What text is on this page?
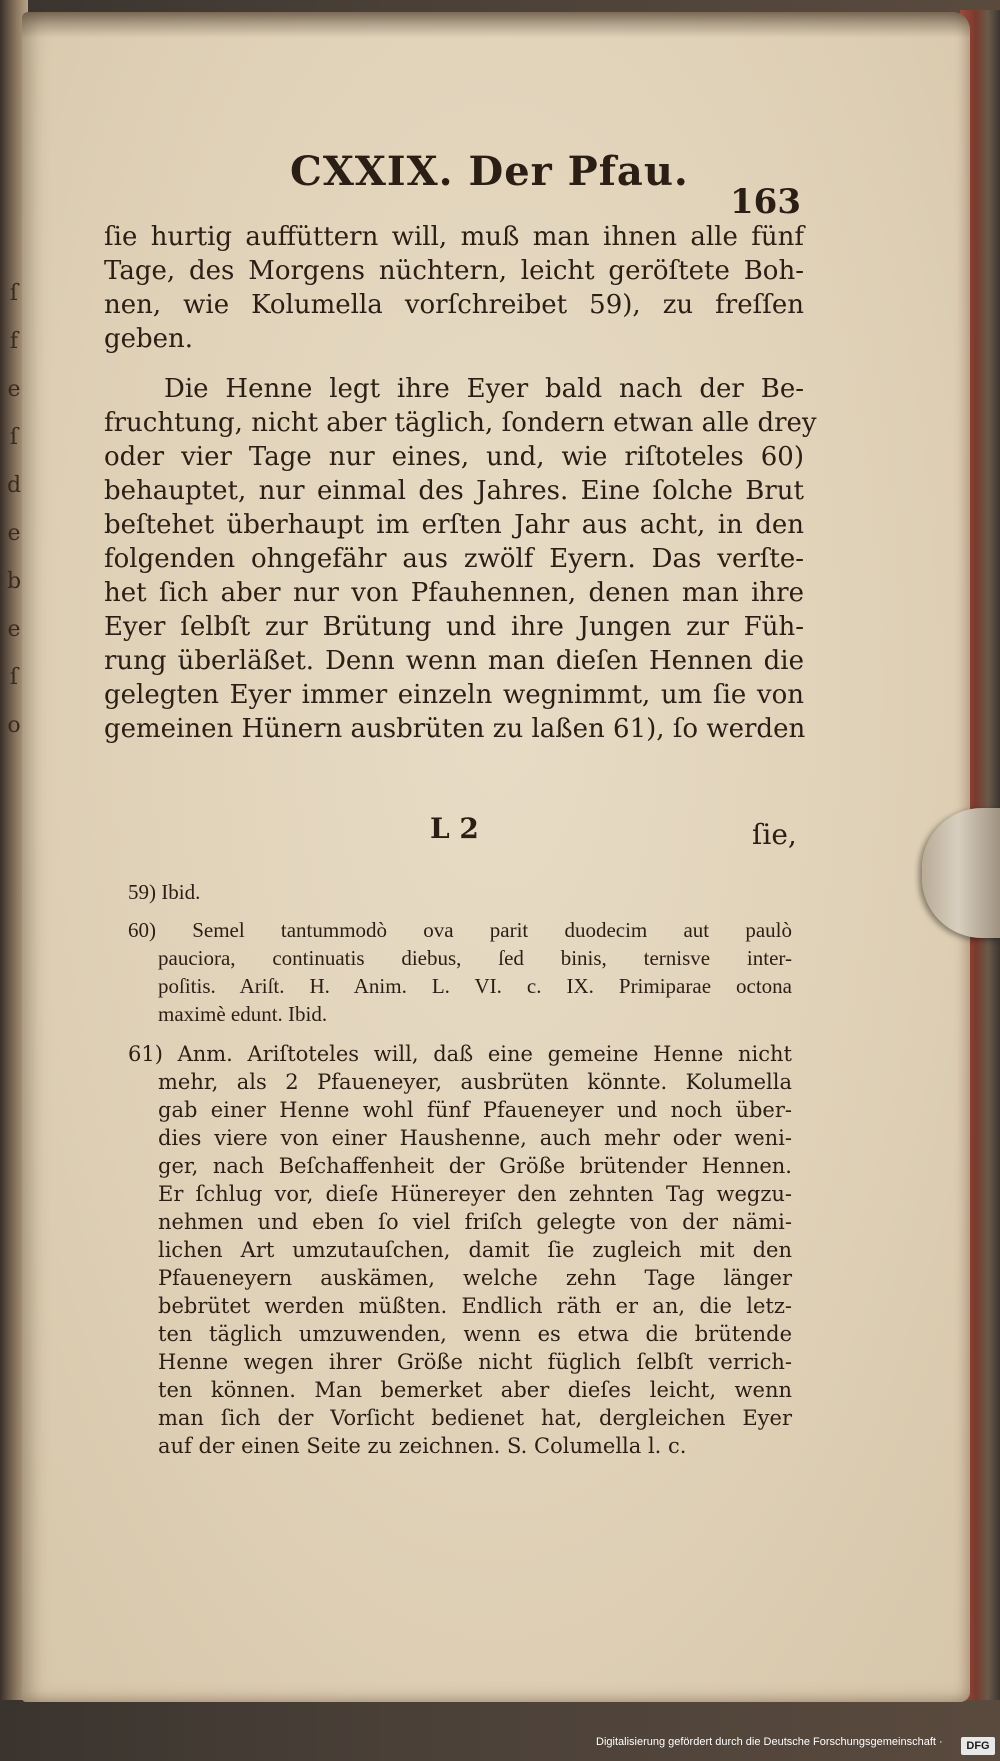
ſ
f
e
ſ
d
e
b
e
ſ
o
CXXIX. Der Pfau.
163
ſie hurtig auffüttern will, muß man ihnen alle fünf
Tage, des Morgens nüchtern, leicht geröſtete Boh-
nen, wie Kolumella vorſchreibet 59), zu freſſen
geben.
Die Henne legt ihre Eyer bald nach der Be-
fruchtung, nicht aber täglich, ſondern etwan alle drey
oder vier Tage nur eines, und, wie riſtoteles 60)
behauptet, nur einmal des Jahres. Eine ſolche Brut
beſtehet überhaupt im erſten Jahr aus acht, in den
folgenden ohngefähr aus zwölf Eyern. Das verſte-
het ſich aber nur von Pfauhennen, denen man ihre
Eyer ſelbſt zur Brütung und ihre Jungen zur Füh-
rung überläßet. Denn wenn man dieſen Hennen die
gelegten Eyer immer einzeln wegnimmt, um ſie von
gemeinen Hünern ausbrüten zu laßen 61), ſo werden
L 2	ſie,
59) Ibid.
60) Semel tantummodò ova parit duodecim aut paulò
pauciora, continuatis diebus, ſed binis, ternisve inter-
poſitis. Ariſt. H. Anim. L. VI. c. IX. Primiparae octona
maximè edunt. Ibid.
61) Anm. Ariſtoteles will, daß eine gemeine Henne nicht
mehr, als 2 Pfaueneyer, ausbrüten könnte. Kolumella
gab einer Henne wohl fünf Pfaueneyer und noch über-
dies viere von einer Haushenne, auch mehr oder weni-
ger, nach Beſchaffenheit der Größe brütender Hennen.
Er ſchlug vor, dieſe Hünereyer den zehnten Tag wegzu-
nehmen und eben ſo viel friſch gelegte von der nämi-
lichen Art umzutauſchen, damit ſie zugleich mit den
Pfaueneyern auskämen, welche zehn Tage länger
bebrütet werden müßten. Endlich räth er an, die letz-
ten täglich umzuwenden, wenn es etwa die brütende
Henne wegen ihrer Größe nicht füglich ſelbſt verrich-
ten können. Man bemerket aber dieſes leicht, wenn
man ſich der Vorſicht bedienet hat, dergleichen Eyer
auf der einen Seite zu zeichnen. S. Columella l. c.
Digitalisierung gefördert durch die Deutsche Forschungsgemeinschaft ·	DFG
